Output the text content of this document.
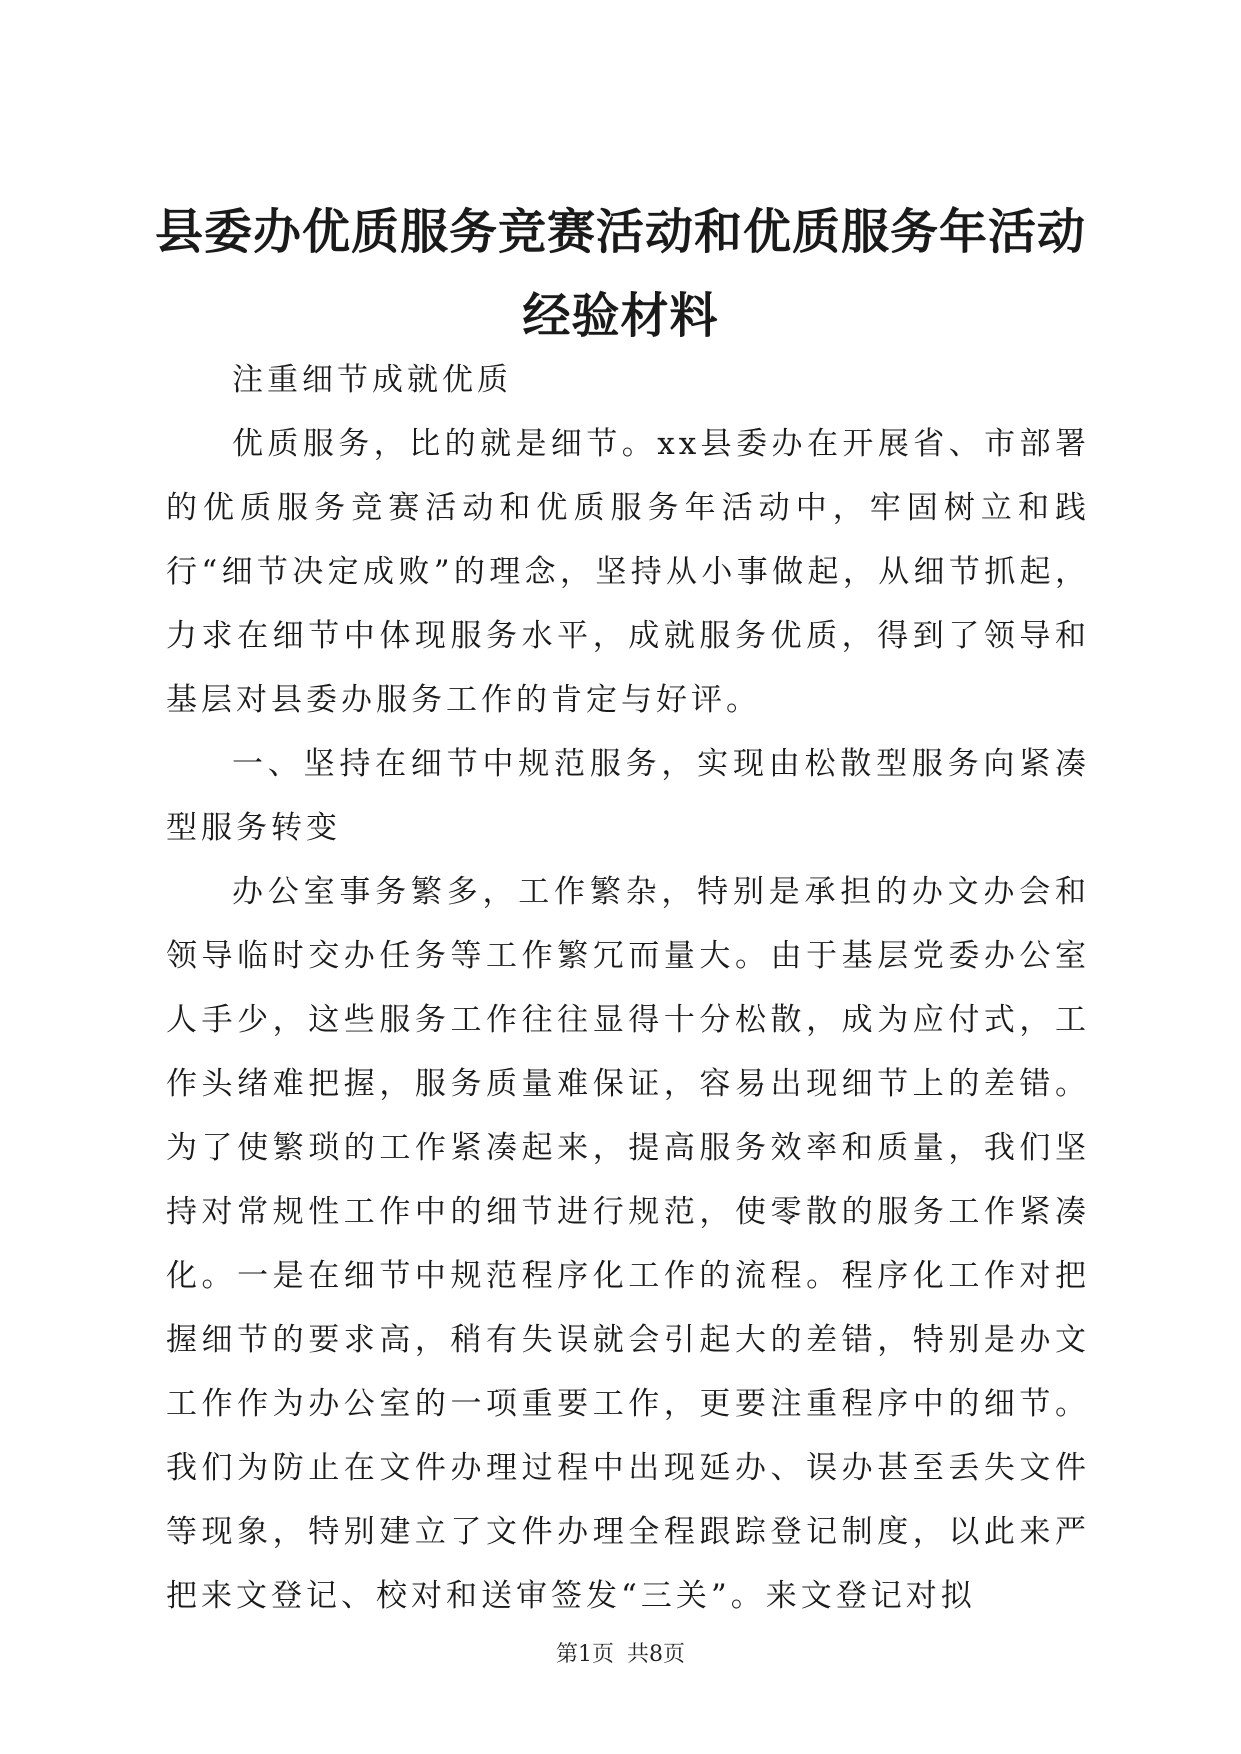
县委办优质服务竞赛活动和优质服务年活动经验材料

注重细节成就优质

优质服务，比的就是细节。xx县委办在开展省、市部署的优质服务竞赛活动和优质服务年活动中，牢固树立和践行“细节决定成败”的理念，坚持从小事做起，从细节抓起，力求在细节中体现服务水平，成就服务优质，得到了领导和基层对县委办服务工作的肯定与好评。

一、坚持在细节中规范服务，实现由松散型服务向紧凑型服务转变

办公室事务繁多，工作繁杂，特别是承担的办文办会和领导临时交办任务等工作繁冗而量大。由于基层党委办公室人手少，这些服务工作往往显得十分松散，成为应付式，工作头绪难把握，服务质量难保证，容易出现细节上的差错。为了使繁琐的工作紧凑起来，提高服务效率和质量，我们坚持对常规性工作中的细节进行规范，使零散的服务工作紧凑化。一是在细节中规范程序化工作的流程。程序化工作对把握细节的要求高，稍有失误就会引起大的差错，特别是办文工作作为办公室的一项重要工作，更要注重程序中的细节。我们为防止在文件办理过程中出现延办、误办甚至丢失文件等现象，特别建立了文件办理全程跟踪登记制度，以此来严把来文登记、校对和送审签发“三关”。来文登记对拟

第1页 共8页
